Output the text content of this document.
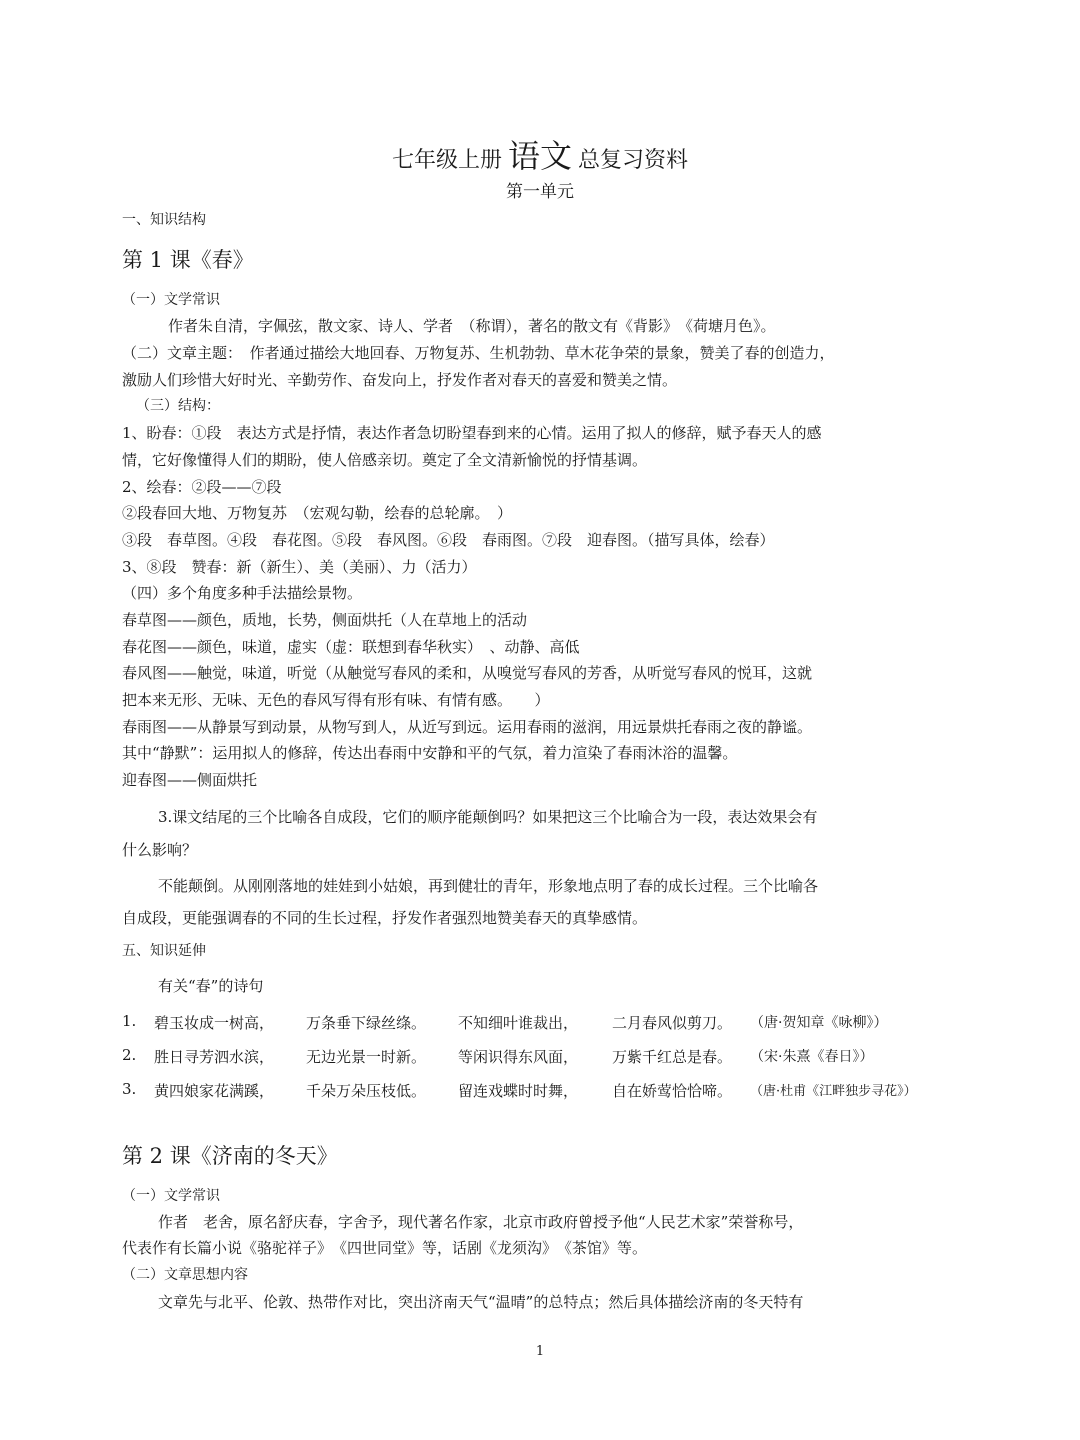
七年级上册 语文 总复习资料
第一单元
一、知识结构
第 1 课《春》
（一）文学常识
作者朱自清，字佩弦，散文家、诗人、学者　（称谓），著名的散文有《背影》　《荷塘月色》。
（二）文章主题：　作者通过描绘大地回春、万物复苏、生机勃勃、草木花争荣的景象，赞美了春的创造力，
激励人们珍惜大好时光、辛勤劳作、奋发向上，抒发作者对春天的喜爱和赞美之情。
（三）结构：
1、盼春：①段　表达方式是抒情，表达作者急切盼望春到来的心情。运用了拟人的修辞，赋予春天人的感
情，它好像懂得人们的期盼，使人倍感亲切。奠定了全文清新愉悦的抒情基调。
2、绘春：②段——⑦段
②段春回大地、万物复苏　（宏观勾勒，绘春的总轮廓。　）
③段　春草图。④段　春花图。⑤段　春风图。⑥段　春雨图。⑦段　迎春图。（描写具体，绘春）
3、⑧段　赞春：新（新生）、美（美丽）、力（活力）
（四）多个角度多种手法描绘景物。
春草图——颜色，质地，长势，侧面烘托（人在草地上的活动
春花图——颜色，味道，虚实（虚：联想到春华秋实）　、动静、高低
春风图——触觉，味道，听觉（从触觉写春风的柔和，从嗅觉写春风的芳香，从听觉写春风的悦耳，这就
把本来无形、无味、无色的春风写得有形有味、有情有感。　　）
春雨图——从静景写到动景，从物写到人，从近写到远。运用春雨的滋润，用远景烘托春雨之夜的静谧。
其中“静默”：运用拟人的修辞，传达出春雨中安静和平的气氛，着力渲染了春雨沐浴的温馨。
迎春图——侧面烘托
3.课文结尾的三个比喻各自成段，它们的顺序能颠倒吗？如果把这三个比喻合为一段，表达效果会有
什么影响？
不能颠倒。从刚刚落地的娃娃到小姑娘，再到健壮的青年，形象地点明了春的成长过程。三个比喻各
自成段，更能强调春的不同的生长过程，抒发作者强烈地赞美春天的真挚感情。
五、知识延伸
有关“春”的诗句
1. 碧玉妆成一树高， 万条垂下绿丝绦。 不知细叶谁裁出， 二月春风似剪刀。 （唐·贺知章《咏柳》）
2. 胜日寻芳泗水滨， 无边光景一时新。 等闲识得东风面， 万紫千红总是春。 （宋·朱熹《春日》）
3. 黄四娘家花满蹊， 千朵万朵压枝低。 留连戏蝶时时舞， 自在娇莺恰恰啼。 （唐·杜甫《江畔独步寻花》）
第 2 课《济南的冬天》
（一）文学常识
作者　老舍，原名舒庆春，字舍予，现代著名作家，北京市政府曾授予他“人民艺术家”荣誉称号，
代表作有长篇小说《骆驼祥子》　《四世同堂》等，话剧《龙须沟》　《茶馆》等。
（二）文章思想内容
文章先与北平、伦敦、热带作对比，突出济南天气“温晴”的总特点；然后具体描绘济南的冬天特有
1
